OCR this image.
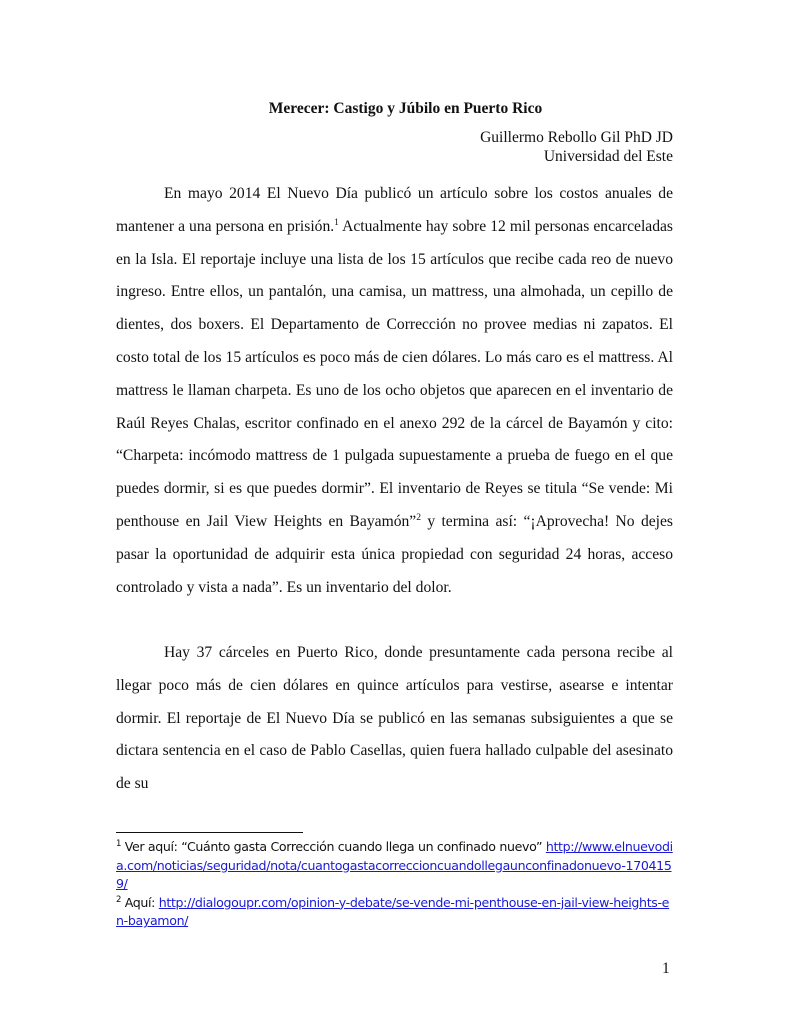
Merecer: Castigo y Júbilo en Puerto Rico
Guillermo Rebollo Gil PhD JD
Universidad del Este

En mayo 2014 El Nuevo Día publicó un artículo sobre los costos anuales de mantener a una persona en prisión.$^1$ Actualmente hay sobre 12 mil personas encarceladas en la Isla. El reportaje incluye una lista de los 15 artículos que recibe cada reo de nuevo ingreso. Entre ellos, un pantalón, una camisa, un mattress, una almohada, un cepillo de dientes, dos boxers. El Departamento de Corrección no provee medias ni zapatos. El costo total de los 15 artículos es poco más de cien dólares. Lo más caro es el mattress. Al mattress le llaman charpeta. Es uno de los ocho objetos que aparecen en el inventario de Raúl Reyes Chalas, escritor confinado en el anexo 292 de la cárcel de Bayamón y cito: “Charpeta: incómodo mattress de 1 pulgada supuestamente a prueba de fuego en el que puedes dormir, si es que puedes dormir”. El inventario de Reyes se titula “Se vende: Mi penthouse en Jail View Heights en Bayamón”$^2$ y termina así: “¡Aprovecha! No dejes pasar la oportunidad de adquirir esta única propiedad con seguridad 24 horas, acceso controlado y vista a nada”. Es un inventario del dolor.

Hay 37 cárceles en Puerto Rico, donde presuntamente cada persona recibe al llegar poco más de cien dólares en quince artículos para vestirse, asearse e intentar dormir. El reportaje de El Nuevo Día se publicó en las semanas subsiguientes a que se dictara sentencia en el caso de Pablo Casellas, quien fuera hallado culpable del asesinato de su

$^1$ Ver aquí: “Cuánto gasta Corrección cuando llega un confinado nuevo” http://www.elnuevodia.com/noticias/seguridad/nota/cuantogastacorreccioncuandollegaunconfinadonuevo-1704159/

$^2$ Aquí: http://dialogoupr.com/opinion-y-debate/se-vende-mi-penthouse-en-jail-view-heights-en-bayamon/

1
